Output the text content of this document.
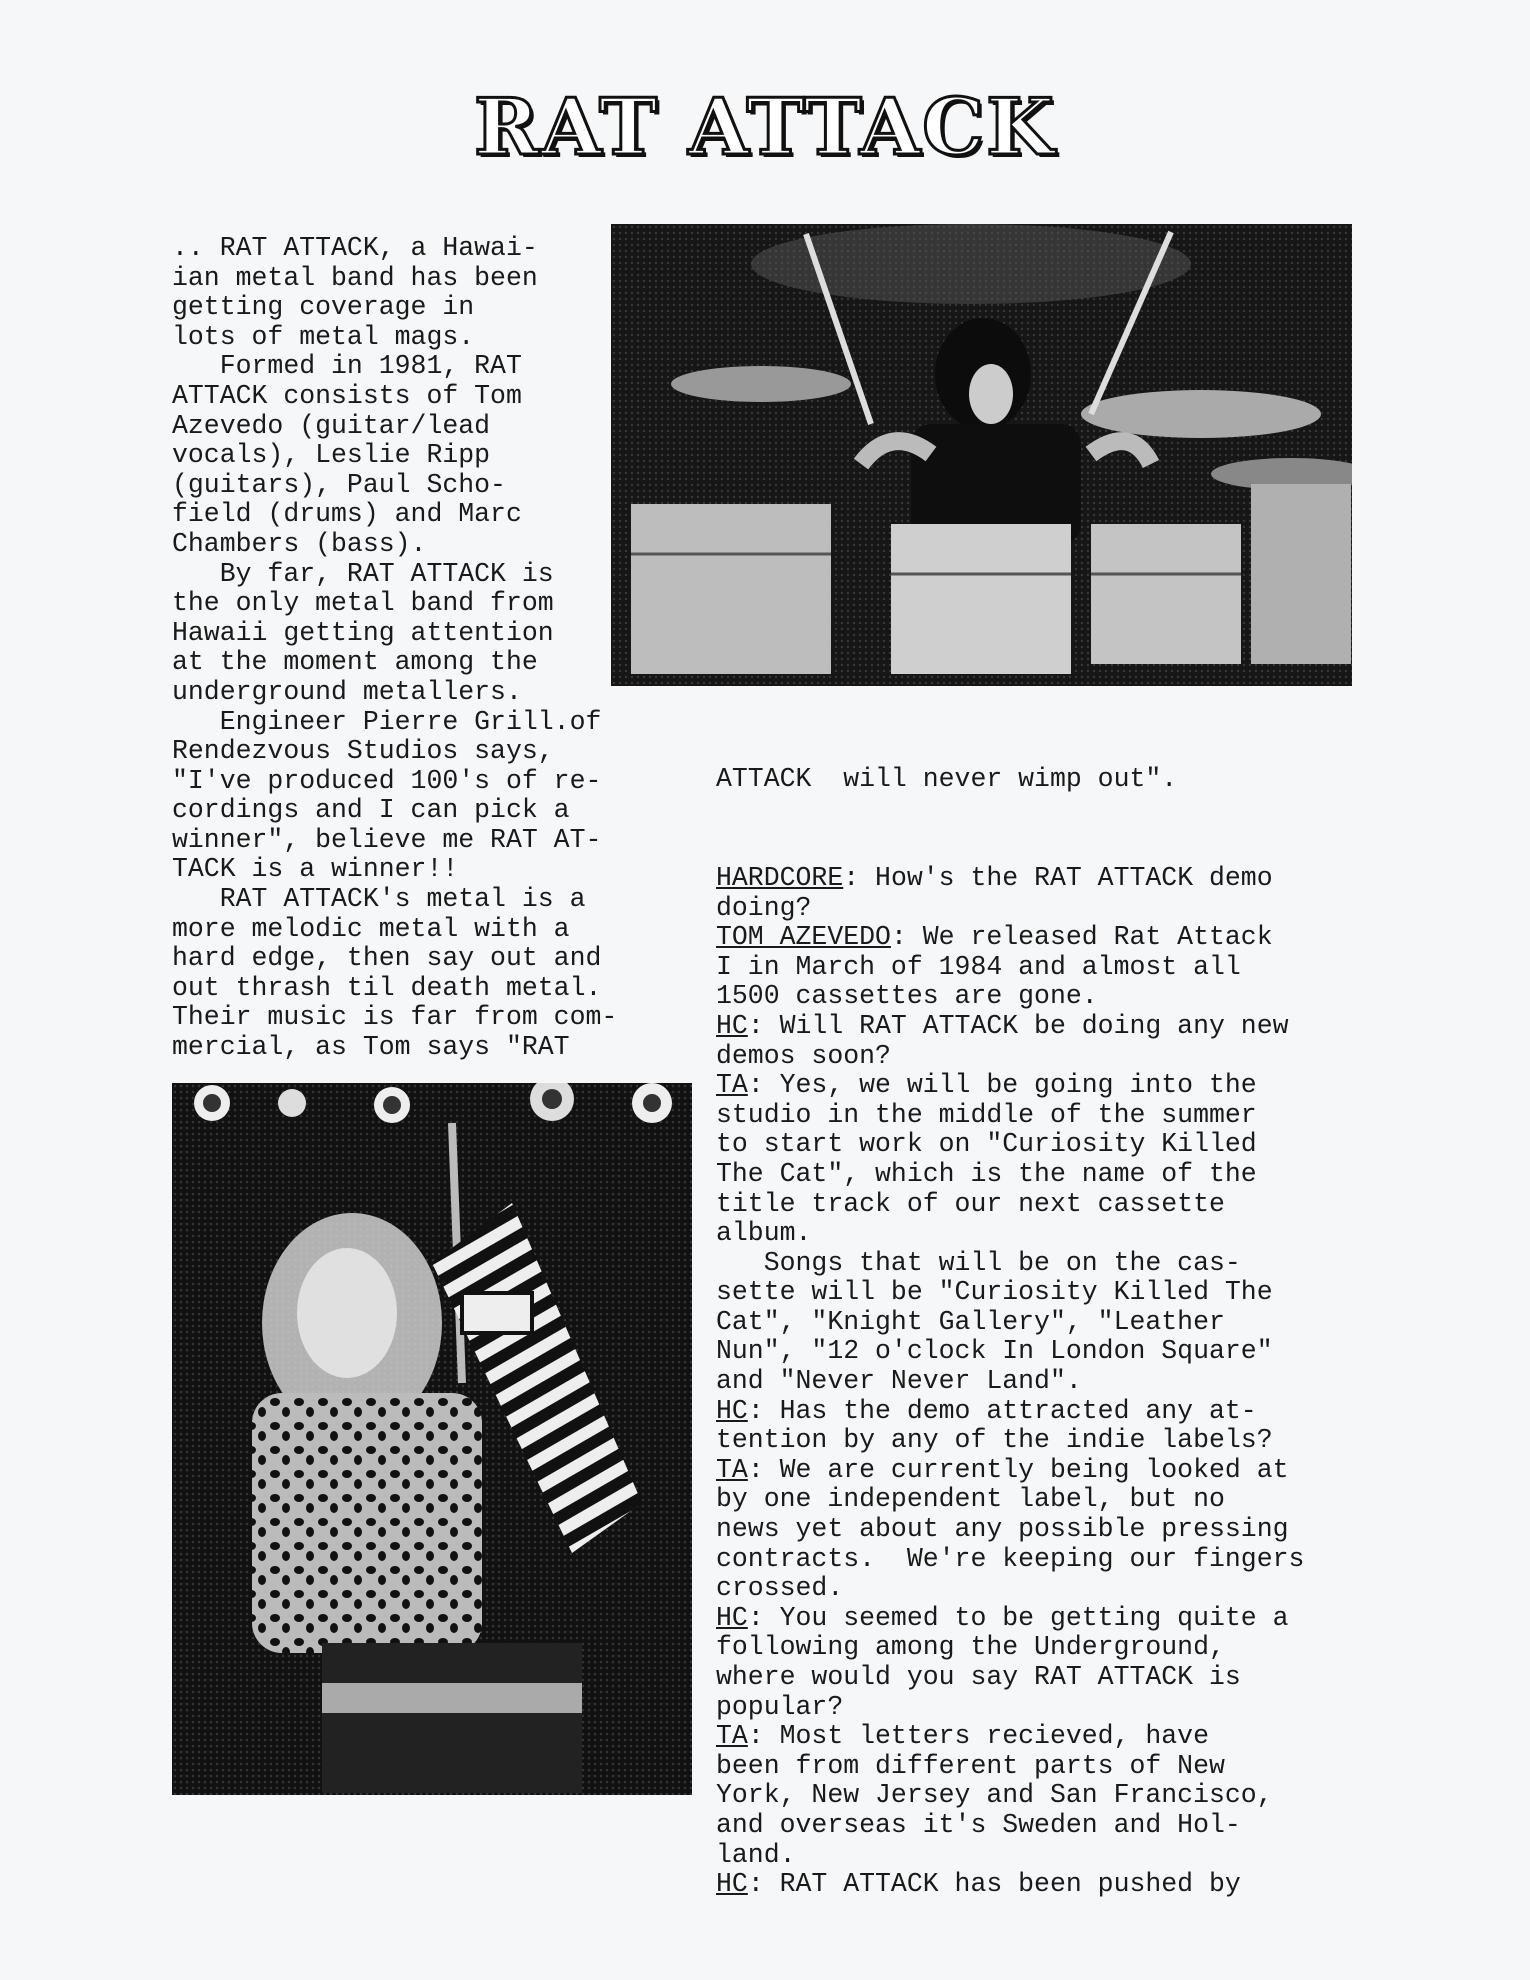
RAT ATTACK
.. RAT ATTACK, a Hawai-
ian metal band has been
getting coverage in
lots of metal mags.
Formed in 1981, RAT
ATTACK consists of Tom
Azevedo (guitar/lead
vocals), Leslie Ripp
(guitars), Paul Scho-
field (drums) and Marc
Chambers (bass).
By far, RAT ATTACK is
the only metal band from
Hawaii getting attention
at the moment among the
underground metallers.
Engineer Pierre Grill.of
Rendezvous Studios says,
"I've produced 100's of re-
cordings and I can pick a
winner", believe me RAT AT-
TACK is a winner!!
RAT ATTACK's metal is a
more melodic metal with a
hard edge, then say out and
out thrash til death metal.
Their music is far from com-
mercial, as Tom says "RAT

ATTACK  will never wimp out".

HARDCORE: How's the RAT ATTACK demo
doing?
TOM AZEVEDO: We released Rat Attack
I in March of 1984 and almost all
1500 cassettes are gone.
HC: Will RAT ATTACK be doing any new
demos soon?
TA: Yes, we will be going into the
studio in the middle of the summer
to start work on "Curiosity Killed
The Cat", which is the name of the
title track of our next cassette
album.
Songs that will be on the cas-
sette will be "Curiosity Killed The
Cat", "Knight Gallery", "Leather
Nun", "12 o'clock In London Square"
and "Never Never Land".
HC: Has the demo attracted any at-
tention by any of the indie labels?
TA: We are currently being looked at
by one independent label, but no
news yet about any possible pressing
contracts.  We're keeping our fingers
crossed.
HC: You seemed to be getting quite a
following among the Underground,
where would you say RAT ATTACK is
popular?
TA: Most letters recieved, have
been from different parts of New
York, New Jersey and San Francisco,
and overseas it's Sweden and Hol-
land.
HC: RAT ATTACK has been pushed by
